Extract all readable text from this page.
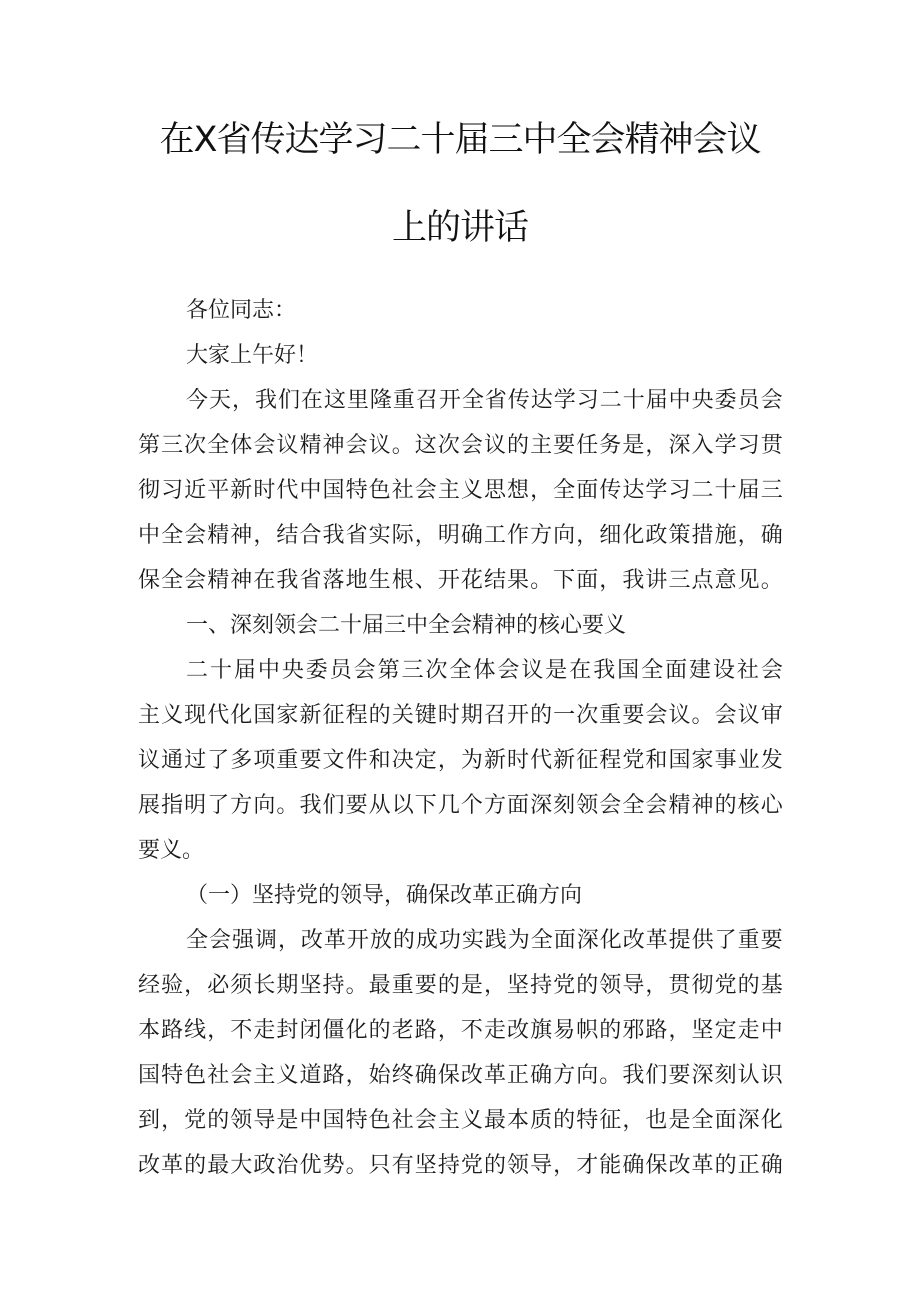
在X省传达学习二十届三中全会精神会议
上的讲话

各位同志：

大家上午好！

今 天 ， 我 们 在 这 里 隆 重 召 开 全 省 传 达 学 习 二 十 届 中 央 委 员 会

第 三 次 全 体 会 议 精 神 会 议 。 这 次 会 议 的 主 要 任 务 是 ， 深 入 学 习 贯

彻 习 近 平 新 时 代 中 国 特 色 社 会 主 义 思 想 ， 全 面 传 达 学 习 二 十 届 三

中 全 会 精 神 ， 结 合 我 省 实 际 ， 明 确 工 作 方 向 ， 细 化 政 策 措 施 ， 确

保 全 会 精 神 在 我 省 落 地 生 根 、 开 花 结 果 。 下 面 ， 我 讲 三 点 意 见 。

一、深刻领会二十届三中全会精神的核心要义

二 十 届 中 央 委 员 会 第 三 次 全 体 会 议 是 在 我 国 全 面 建 设 社 会

主 义 现 代 化 国 家 新 征 程 的 关 键 时 期 召 开 的 一 次 重 要 会 议 。 会 议 审

议 通 过 了 多 项 重 要 文 件 和 决 定 ， 为 新 时 代 新 征 程 党 和 国 家 事 业 发

展 指 明 了 方 向 。 我 们 要 从 以 下 几 个 方 面 深 刻 领 会 全 会 精 神 的 核 心

要义。

（一）坚持党的领导，确保改革正确方向

全 会 强 调 ， 改 革 开 放 的 成 功 实 践 为 全 面 深 化 改 革 提 供 了 重 要

经 验 ， 必 须 长 期 坚 持 。 最 重 要 的 是 ， 坚 持 党 的 领 导 ， 贯 彻 党 的 基

本 路 线 ， 不 走 封 闭 僵 化 的 老 路 ， 不 走 改 旗 易 帜 的 邪 路 ， 坚 定 走 中

国 特 色 社 会 主 义 道 路 ， 始 终 确 保 改 革 正 确 方 向 。 我 们 要 深 刻 认 识

到 ， 党 的 领 导 是 中 国 特 色 社 会 主 义 最 本 质 的 特 征 ， 也 是 全 面 深 化

改 革 的 最 大 政 治 优 势 。 只 有 坚 持 党 的 领 导 ， 才 能 确 保 改 革 的 正 确
